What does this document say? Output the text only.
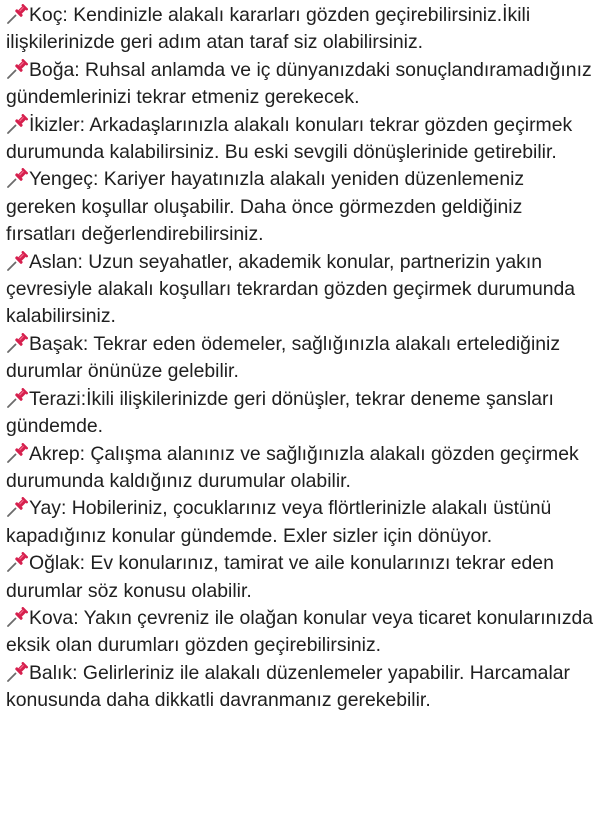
Koç: Kendinizle alakalı kararları gözden geçirebilirsiniz.İkili ilişkilerinizde geri adım atan taraf siz olabilirsiniz.

Boğa: Ruhsal anlamda ve iç dünyanızdaki sonuçlandıramadığınız gündemlerinizi tekrar etmeniz gerekecek.

İkizler: Arkadaşlarınızla alakalı konuları tekrar gözden geçirmek durumunda kalabilirsiniz. Bu eski sevgili dönüşlerinide getirebilir.

Yengeç: Kariyer hayatınızla alakalı yeniden düzenlemeniz gereken koşullar oluşabilir. Daha önce görmezden geldiğiniz fırsatları değerlendirebilirsiniz.

Aslan: Uzun seyahatler, akademik konular, partnerizin yakın çevresiyle alakalı koşulları tekrardan gözden geçirmek durumunda kalabilirsiniz.

Başak: Tekrar eden ödemeler, sağlığınızla alakalı ertelediğiniz durumlar önünüze gelebilir.

Terazi:İkili ilişkilerinizde geri dönüşler, tekrar deneme şansları gündemde.

Akrep: Çalışma alanınız ve sağlığınızla alakalı gözden geçirmek durumunda kaldığınız durumular olabilir.

Yay: Hobileriniz, çocuklarınız veya flörtlerinizle alakalı üstünü kapadığınız konular gündemde. Exler sizler için dönüyor.

Oğlak: Ev konularınız, tamirat ve aile konularınızı tekrar eden durumlar söz konusu olabilir.

Kova: Yakın çevreniz ile olağan konular veya ticaret konularınızda eksik olan durumları gözden geçirebilirsiniz.

Balık: Gelirleriniz ile alakalı düzenlemeler yapabilir. Harcamalar konusunda daha dikkatli davranmanız gerekebilir.
